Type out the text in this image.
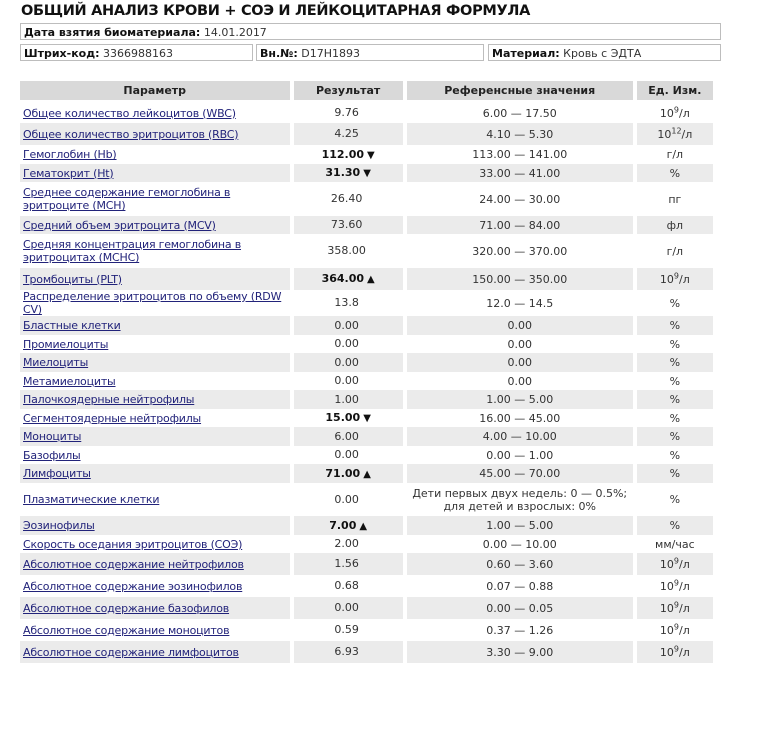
ОБЩИЙ АНАЛИЗ КРОВИ + СОЭ И ЛЕЙКОЦИТАРНАЯ ФОРМУЛА
Дата взятия биоматериала: 14.01.2017
Штрих-код: 3366988163	Вн.№: D17H1893	Материал: Кровь с ЭДТА
Параметр	Результат	Референсные значения	Ед. Изм.
Общее количество лейкоцитов (WBC)	9.76	6.00 — 17.50	$10^9/л$
Общее количество эритроцитов (RBC)	4.25	4.10 — 5.30	$10^{12}/л$
Гемоглобин (Hb)	112.00 ▼	113.00 — 141.00	г/л
Гематокрит (Ht)	31.30 ▼	33.00 — 41.00	%
Среднее содержание гемоглобина в эритроците (MCH)	26.40	24.00 — 30.00	пг
Средний объем эритроцита (MCV)	73.60	71.00 — 84.00	фл
Средняя концентрация гемоглобина в эритроцитах (MCHC)	358.00	320.00 — 370.00	г/л
Тромбоциты (PLT)	364.00 ▲	150.00 — 350.00	$10^9/л$
Распределение эритроцитов по объему (RDW CV)	13.8	12.0 — 14.5	%
Бластные клетки	0.00	0.00	%
Промиелоциты	0.00	0.00	%
Миелоциты	0.00	0.00	%
Метамиелоциты	0.00	0.00	%
Палочкоядерные нейтрофилы	1.00	1.00 — 5.00	%
Сегментоядерные нейтрофилы	15.00 ▼	16.00 — 45.00	%
Моноциты	6.00	4.00 — 10.00	%
Базофилы	0.00	0.00 — 1.00	%
Лимфоциты	71.00 ▲	45.00 — 70.00	%
Плазматические клетки	0.00	Дети первых двух недель: 0 — 0.5%; для детей и взрослых: 0%	%
Эозинофилы	7.00 ▲	1.00 — 5.00	%
Скорость оседания эритроцитов (СОЭ)	2.00	0.00 — 10.00	мм/час
Абсолютное содержание нейтрофилов	1.56	0.60 — 3.60	$10^9/л$
Абсолютное содержание эозинофилов	0.68	0.07 — 0.88	$10^9/л$
Абсолютное содержание базофилов	0.00	0.00 — 0.05	$10^9/л$
Абсолютное содержание моноцитов	0.59	0.37 — 1.26	$10^9/л$
Абсолютное содержание лимфоцитов	6.93	3.30 — 9.00	$10^9/л$
